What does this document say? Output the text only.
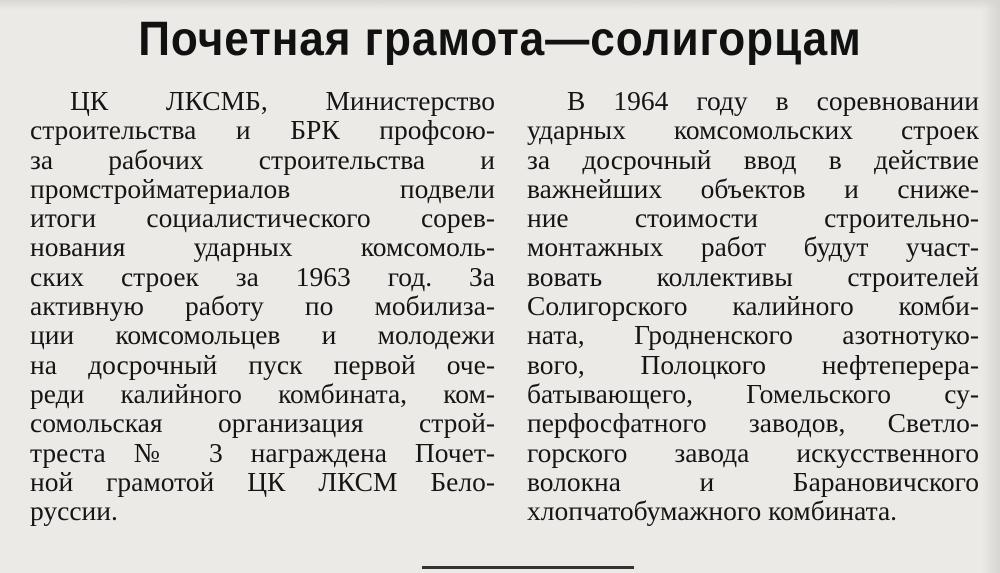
Почетная грамота—солигорцам
ЦК ЛКСМБ, Министерство
строительства и БРК профсою-
за рабочих строительства и
промстройматериалов подвели
итоги социалистического сорев-
нования ударных комсомоль-
ских строек за 1963 год. За
активную работу по мобилиза-
ции комсомольцев и молодежи
на досрочный пуск первой оче-
реди калийного комбината, ком-
сомольская организация строй-
треста № 3 награждена Почет-
ной грамотой ЦК ЛКСМ Бело-
руссии.
В 1964 году в соревновании
ударных комсомольских строек
за досрочный ввод в действие
важнейших объектов и сниже-
ние стоимости строительно-
монтажных работ будут участ-
вовать коллективы строителей
Солигорского калийного комби-
ната, Гродненского азотнотуко-
вого, Полоцкого нефтеперера-
батывающего, Гомельского су-
перфосфатного заводов, Светло-
горского завода искусственного
волокна и Барановичского
хлопчатобумажного комбината.
